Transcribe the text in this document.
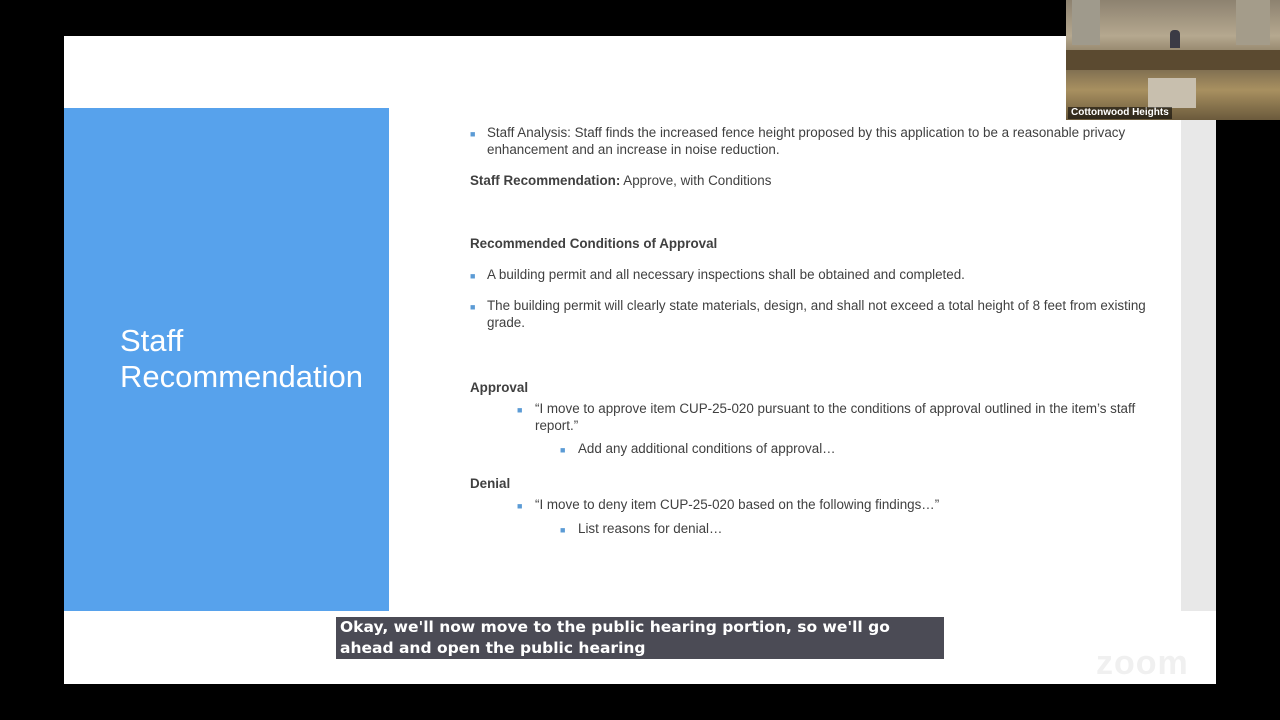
Staff Recommendation
■ Staff Analysis: Staff finds the increased fence height proposed by this application to be a reasonable privacy enhancement and an increase in noise reduction.
Staff Recommendation: Approve, with Conditions
Recommended Conditions of Approval
■ A building permit and all necessary inspections shall be obtained and completed.
■ The building permit will clearly state materials, design, and shall not exceed a total height of 8 feet from existing grade.
Approval
■ “I move to approve item CUP-25-020 pursuant to the conditions of approval outlined in the item’s staff report.”
■ Add any additional conditions of approval…
Denial
■ “I move to deny item CUP-25-020 based on the following findings…”
■ List reasons for denial…
Cottonwood Heights
Okay, we'll now move to the public hearing portion, so we'll go ahead and open the public hearing	zoom
